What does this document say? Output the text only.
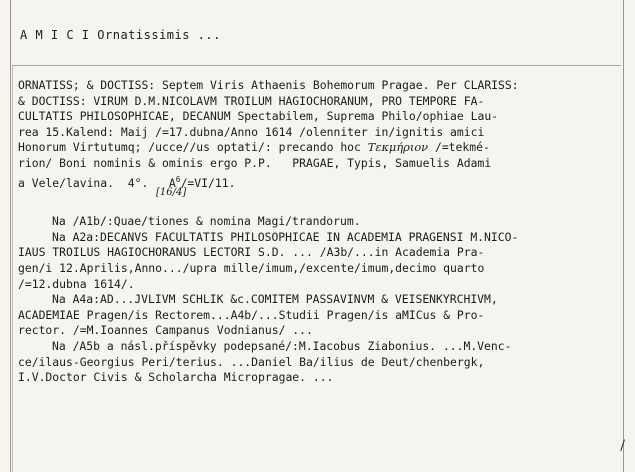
A M I C I Ornatissimis ...
ORNATISS; & DOCTISS: Septem Viris Athaenis Bohemorum Pragae. Per CLARISS:
& DOCTISS: VIRUM D.M.NICOLAVM TROILUM HAGIOCHORANUM, PRO TEMPORE FA-
CULTATIS PHILOSOPHICAE, DECANUM Spectabilem, Suprema Philo/ophiae Lau-
rea 15.Kalend: Maij /=17.dubna/Anno 1614 /olenniter in/ignitis amici
Honorum Virtutumq; /ucce//us optati/: precando hoc Τεκμήριον /=tekmé-
rion/ Boni nominis & ominis ergo P.P.   PRAGAE, Typis, Samuelis Adami
a Vele/lavina.  4°.   $A^6/=VI/11$.
[16/4]
Na /A1b/:Quae/tiones & nomina Magi/trandorum.
Na A2a:DECANVS FACULTATIS PHILOSOPHICAE IN ACADEMIA PRAGENSI M.NICO-
IAUS TROILUS HAGIOCHORANUS LECTORI S.D. ... /A3b/...in Academia Pra-
gen/i 12.Aprilis,Anno.../upra mille/imum,/excente/imum,decimo quarto
/=12.dubna 1614/.
Na A4a:AD...JVLIVM SCHLIK &c.COMITEM PASSAVINVM & VEISENKYRCHIVM,
ACADEMIAE Pragen/is Rectorem...A4b/...Studii Pragen/is aMICus & Pro-
rector. /=M.Ioannes Campanus Vodnianus/ ...
Na /A5b a násl.příspěvky podepsané/:M.Iacobus Ziabonius. ...M.Venc-
ce/ilaus-Georgius Peri/terius. ...Daniel Ba/ilius de Deut/chenbergk,
I.V.Doctor Civis & Scholarcha Micropragae. ...
/
